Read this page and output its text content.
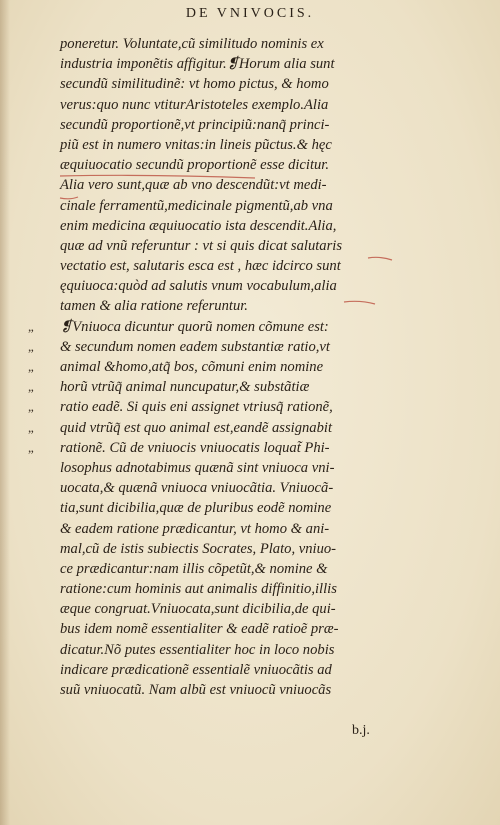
DE VNIVOCIS.
poneretur. Voluntate,cũ similitudo nominis ex
industria imponẽtis affigitur.❡Horum alia sunt
secundũ similitudinẽ: vt homo pictus, & homo
verus:quo nunc vtiturAristoteles exemplo.Alia
secundũ proportionẽ,vt principiũ:nanq̃ princi-
piũ est in numero vnitas:in lineis pũctus.& hęc
æquiuocatio secundũ proportionẽ esse dicitur.
Alia vero sunt,quæ ab vno descendũt:vt medi-
cinale ferramentũ,medicinale pigmentũ,ab vna
enim medicina æquiuocatio ista descendit.Alia,
quæ ad vnũ referuntur : vt si quis dicat salutaris
vectatio est, salutaris esca est , hæc idcirco sunt
ęquiuoca:quòd ad salutis vnum vocabulum,alia
tamen & alia ratione referuntur.
„ ❡Vniuoca dicuntur quorũ nomen cõmune est:
„ & secundum nomen eadem substantiæ ratio,vt
„ animal &homo,atq̃ bos, cõmuni enim nomine
„ horũ vtrũq̃ animal nuncupatur,& substãtiæ
„ ratio eadẽ. Si quis eni assignet vtriusq̃ rationẽ,
„ quid vtrũq̃ est quo animal est,eandẽ assignabit
„ rationẽ. Cũ de vniuocis vniuocatis loquat̃ Phi-
losophus adnotabimus quænã sint vniuoca vni-
uocata,& quænã vniuoca vniuocãtia. Vniuocã-
tia,sunt dicibilia,quæ de pluribus eodẽ nomine
& eadem ratione prædicantur, vt homo & ani-
mal,cũ de istis subiectis Socrates, Plato, vniuo-
ce prædicantur:nam illis cõpetũt,& nomine &
ratione:cum hominis aut animalis diffinitio,illis
æque congruat.Vniuocata,sunt dicibilia,de qui-
bus idem nomẽ essentialiter & eadẽ ratioẽ præ-
dicatur.Nõ putes essentialiter hoc in loco nobis
indicare prædicationẽ essentialẽ vniuocãtis ad
suũ vniuocatũ. Nam albũ est vniuocũ vniuocãs
b.j.
